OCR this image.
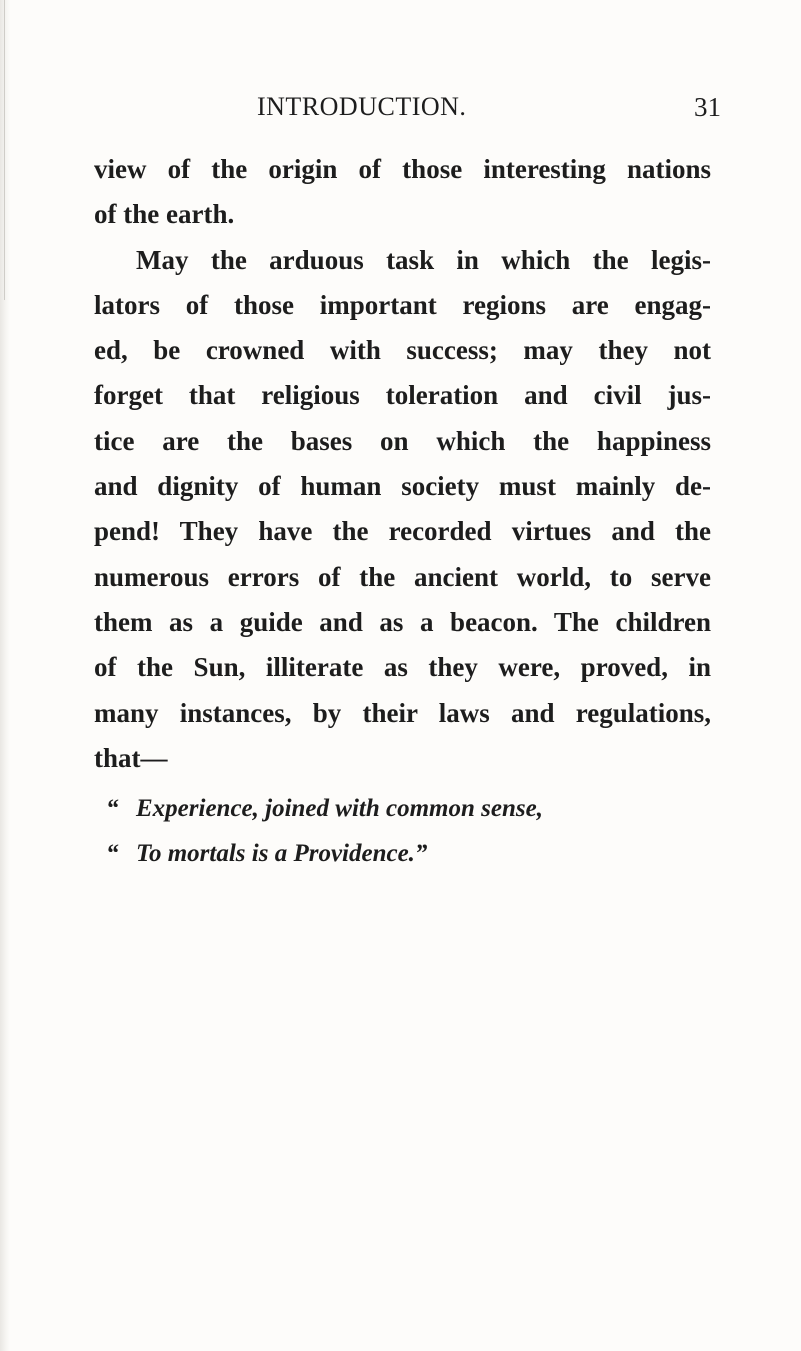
INTRODUCTION.	31
view of the origin of those interesting nations
of the earth.
May the arduous task in which the legis-
lators of those important regions are engag-
ed, be crowned with success; may they not
forget that religious toleration and civil jus-
tice are the bases on which the happiness
and dignity of human society must mainly de-
pend! They have the recorded virtues and the
numerous errors of the ancient world, to serve
them as a guide and as a beacon. The children
of the Sun, illiterate as they were, proved, in
many instances, by their laws and regulations,
that—
“ Experience, joined with common sense,
“ To mortals is a Providence.”
